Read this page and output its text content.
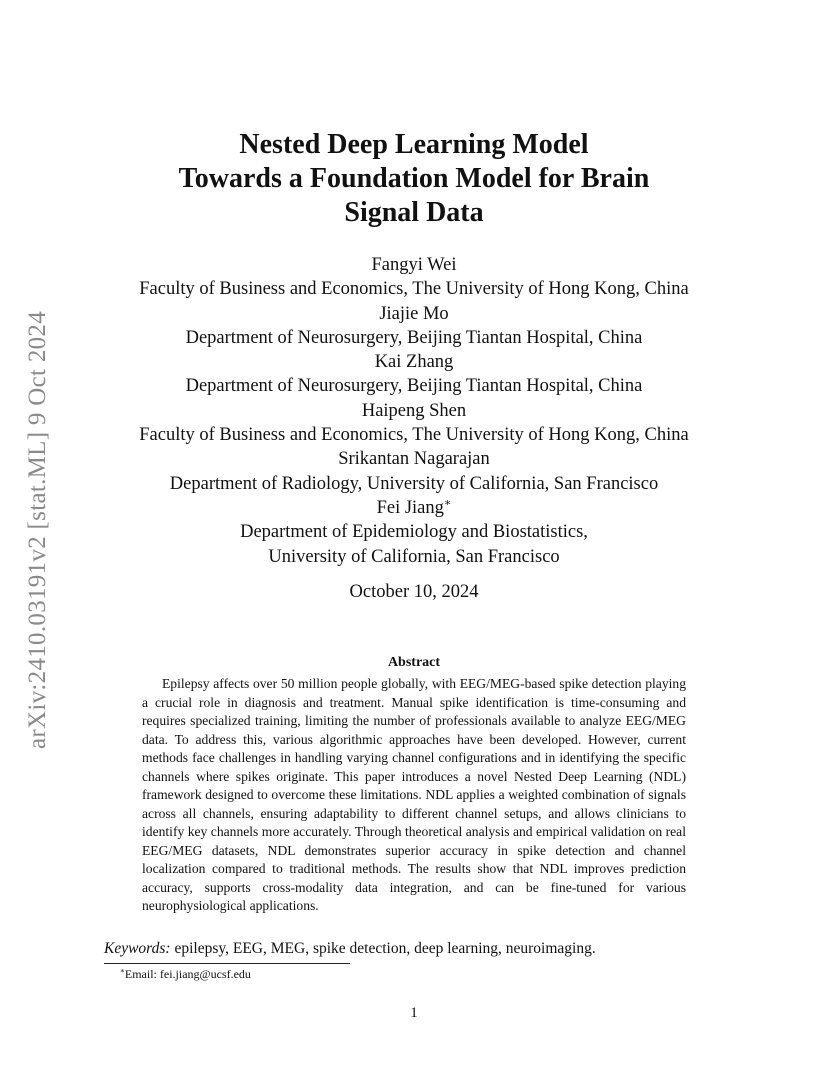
arXiv:2410.03191v2 [stat.ML] 9 Oct 2024
Nested Deep Learning Model
Towards a Foundation Model for Brain
Signal Data
Fangyi Wei
Faculty of Business and Economics, The University of Hong Kong, China
Jiajie Mo
Department of Neurosurgery, Beijing Tiantan Hospital, China
Kai Zhang
Department of Neurosurgery, Beijing Tiantan Hospital, China
Haipeng Shen
Faculty of Business and Economics, The University of Hong Kong, China
Srikantan Nagarajan
Department of Radiology, University of California, San Francisco
Fei Jiang∗
Department of Epidemiology and Biostatistics,
University of California, San Francisco
October 10, 2024
Abstract
Epilepsy affects over 50 million people globally, with EEG/MEG-based spike detection playing a crucial role in diagnosis and treatment. Manual spike identification is time-consuming and requires specialized training, limiting the number of professionals available to analyze EEG/MEG data. To address this, various algorithmic approaches have been developed. However, current methods face challenges in handling varying channel configurations and in identifying the specific channels where spikes originate. This paper introduces a novel Nested Deep Learning (NDL) framework designed to overcome these limitations. NDL applies a weighted combination of signals across all channels, ensuring adaptability to different channel setups, and allows clinicians to identify key channels more accurately. Through theoretical analysis and empirical validation on real EEG/MEG datasets, NDL demonstrates superior accuracy in spike detection and channel localization compared to traditional methods. The results show that NDL improves prediction accuracy, supports cross-modality data integration, and can be fine-tuned for various neurophysiological applications.
Keywords: epilepsy, EEG, MEG, spike detection, deep learning, neuroimaging.
∗Email: fei.jiang@ucsf.edu
1
